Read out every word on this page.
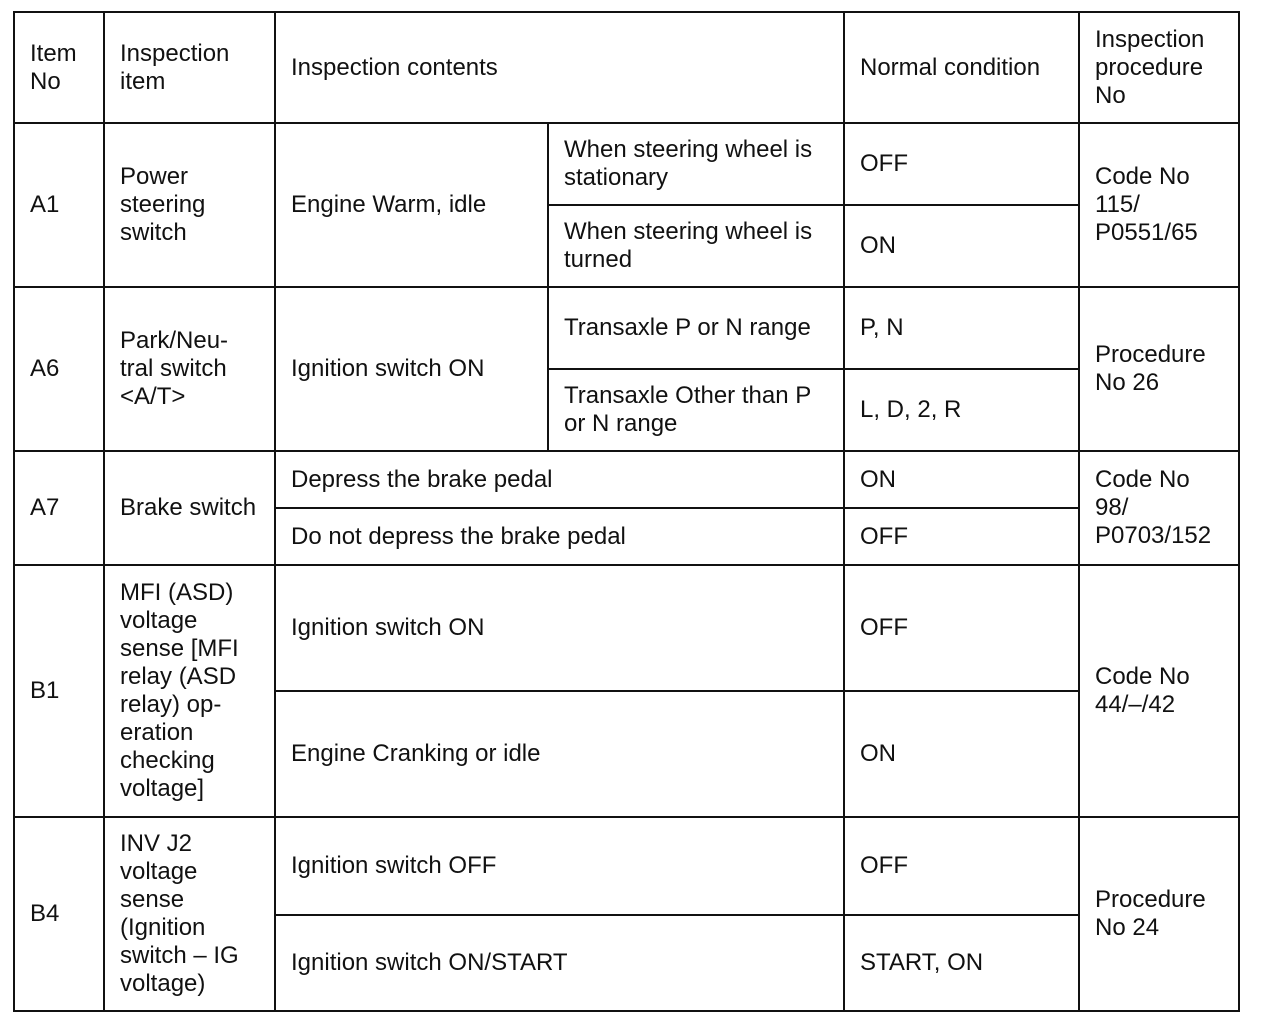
Item No	Inspection item	Inspection contents		Normal condition	Inspection procedure No
A1	Power steering switch	Engine Warm, idle	When steering wheel is stationary	OFF	Code No 115/ P0551/65
			When steering wheel is turned	ON	
A6	Park/Neu- tral switch <A/T>	Ignition switch ON	Transaxle P or N range	P, N	Procedure No 26
			Transaxle Other than P or N range	L, D, 2, R	
A7	Brake switch	Depress the brake pedal		ON	Code No 98/ P0703/152
		Do not depress the brake pedal		OFF	
B1	MFI (ASD) voltage sense [MFI relay (ASD relay) op- eration checking voltage]	Ignition switch ON		OFF	Code No 44/–/42
		Engine Cranking or idle		ON	
B4	INV J2 voltage sense (Ignition switch – IG voltage)	Ignition switch OFF		OFF	Procedure No 24
		Ignition switch ON/START		START, ON	
